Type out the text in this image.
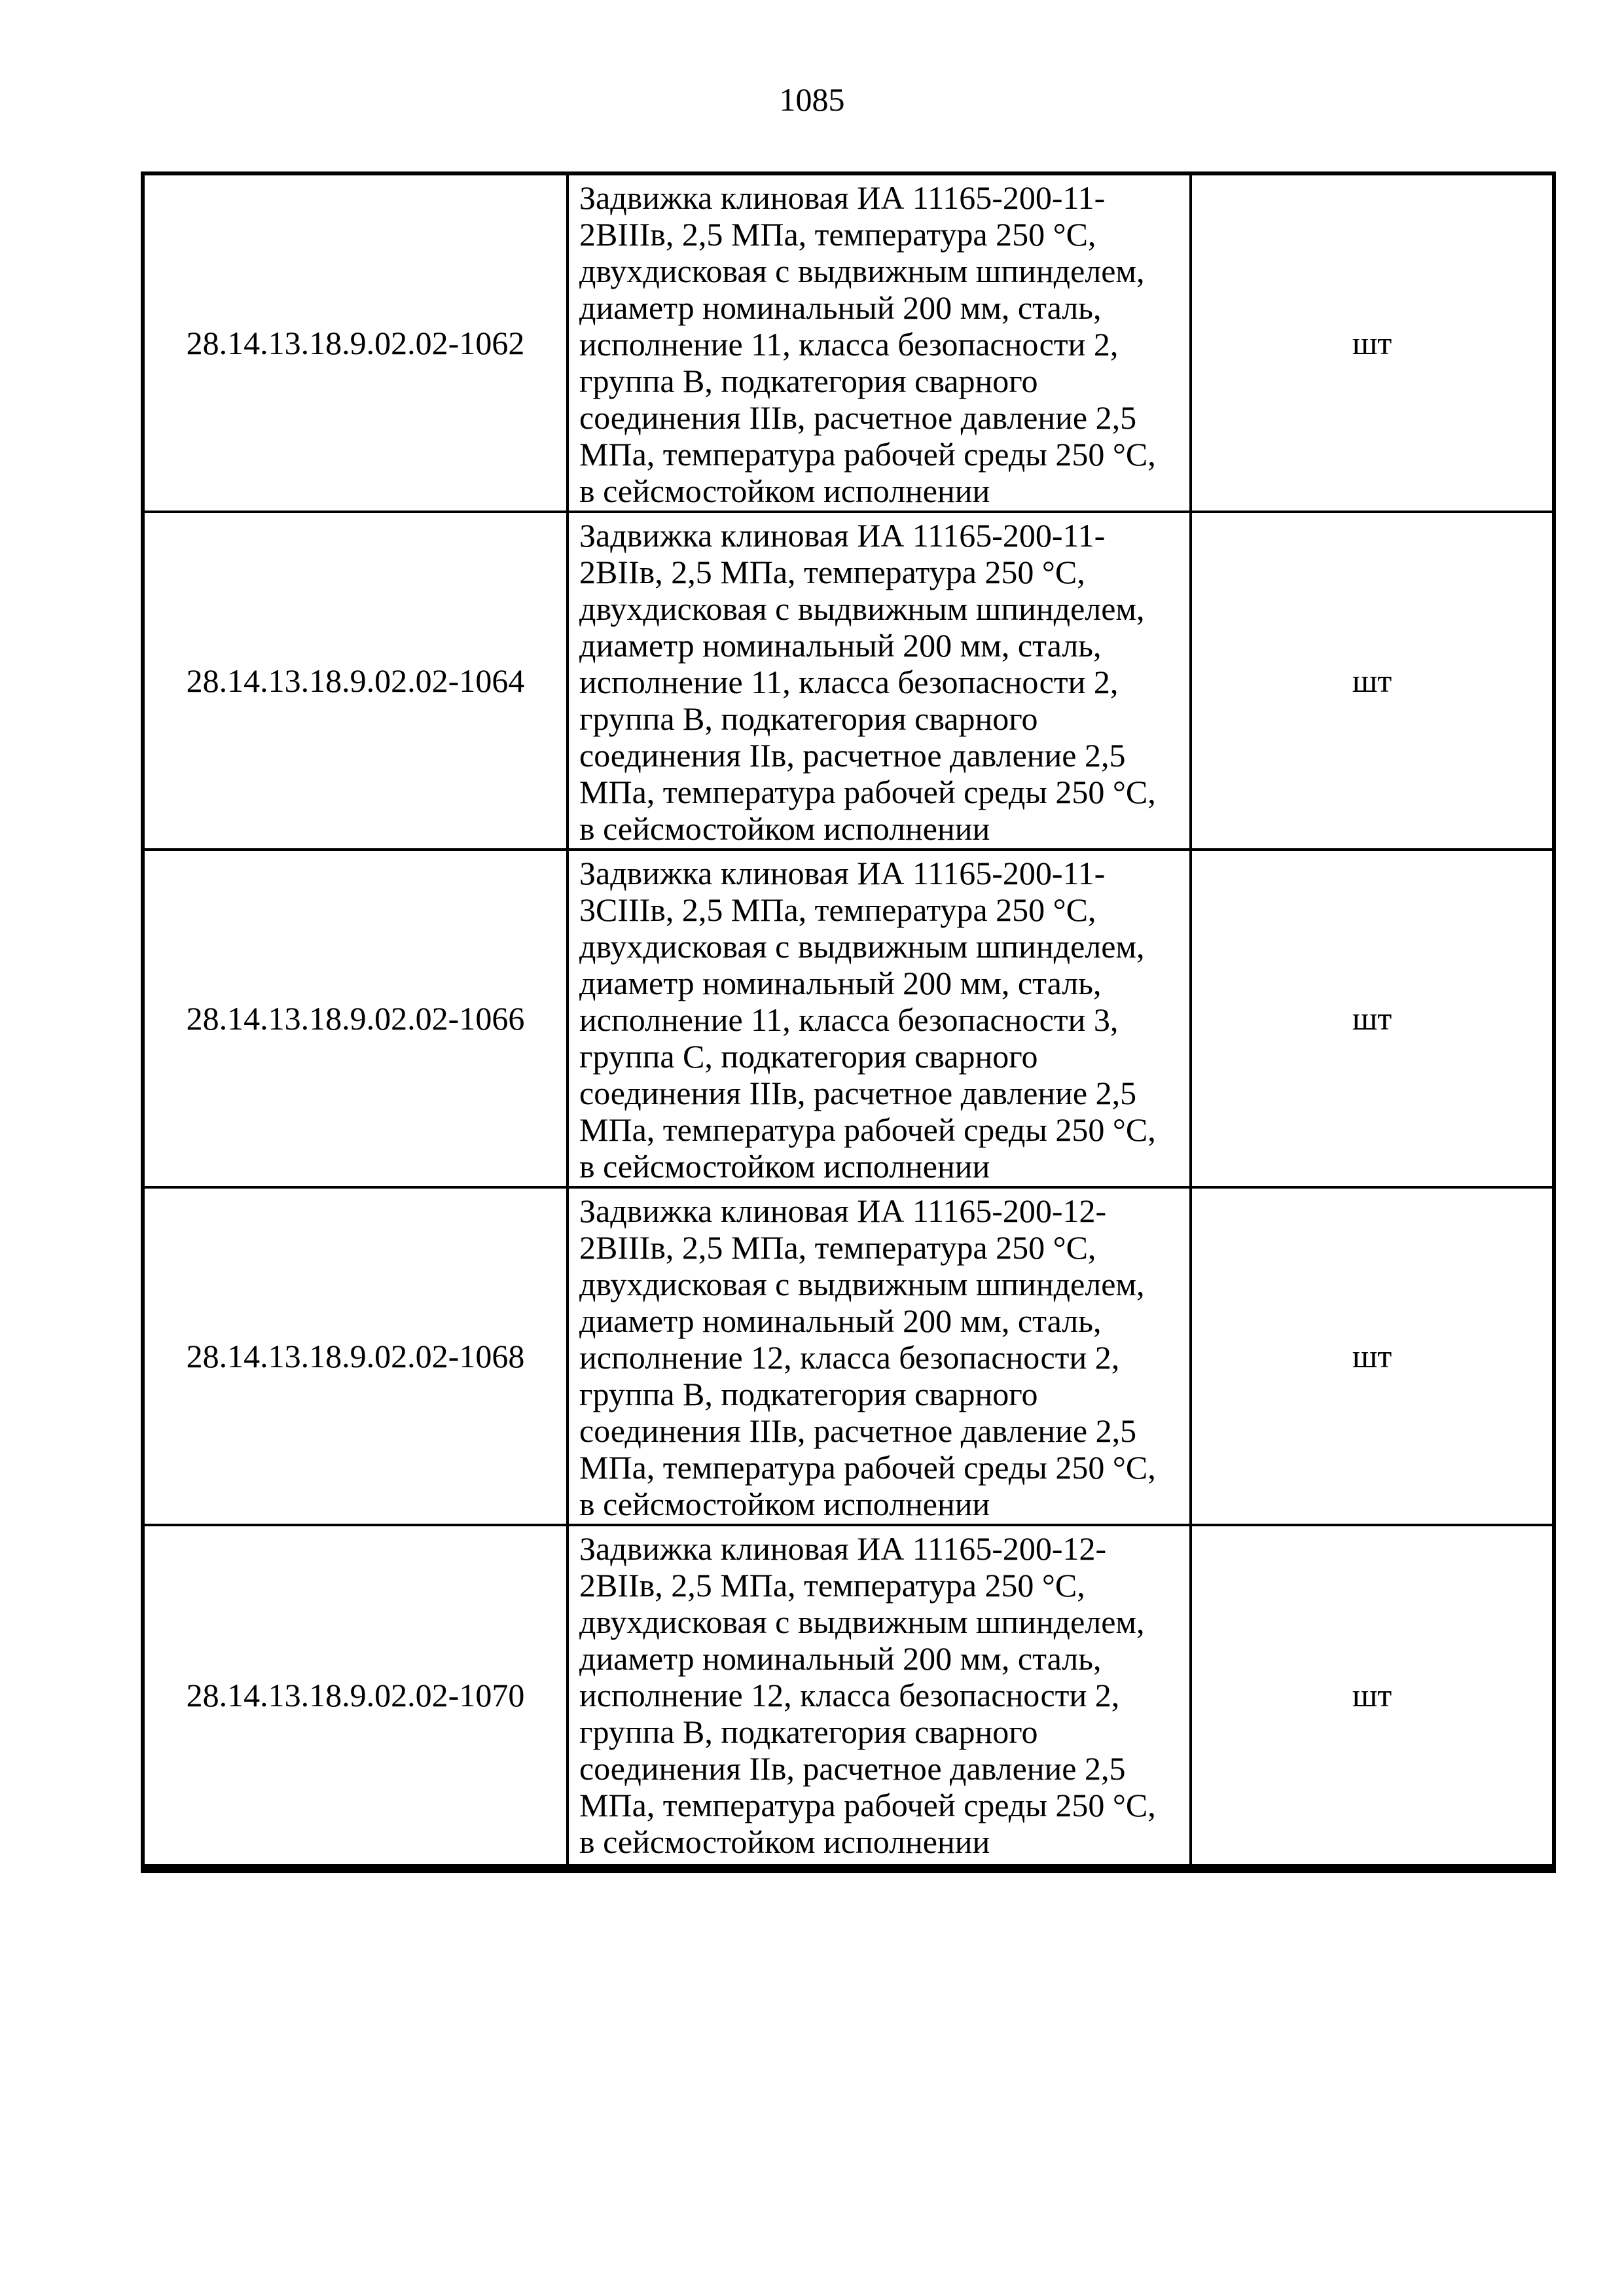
1085
28.14.13.18.9.02.02-1062
Задвижка клиновая ИА 11165-200-11-2ВIIIв, 2,5 МПа, температура 250 °С, двухдисковая с выдвижным шпинделем, диаметр номинальный 200 мм, сталь, исполнение 11, класса безопасности 2, группа В, подкатегория сварного соединения IIIв, расчетное давление 2,5 МПа, температура рабочей среды 250 °С, в сейсмостойком исполнении
шт
28.14.13.18.9.02.02-1064
Задвижка клиновая ИА 11165-200-11-2ВIIв, 2,5 МПа, температура 250 °С, двухдисковая с выдвижным шпинделем, диаметр номинальный 200 мм, сталь, исполнение 11, класса безопасности 2, группа В, подкатегория сварного соединения IIв, расчетное давление 2,5 МПа, температура рабочей среды 250 °С, в сейсмостойком исполнении
шт
28.14.13.18.9.02.02-1066
Задвижка клиновая ИА 11165-200-11-3СIIIв, 2,5 МПа, температура 250 °С, двухдисковая с выдвижным шпинделем, диаметр номинальный 200 мм, сталь, исполнение 11, класса безопасности 3, группа С, подкатегория сварного соединения IIIв, расчетное давление 2,5 МПа, температура рабочей среды 250 °С, в сейсмостойком исполнении
шт
28.14.13.18.9.02.02-1068
Задвижка клиновая ИА 11165-200-12-2ВIIIв, 2,5 МПа, температура 250 °С, двухдисковая с выдвижным шпинделем, диаметр номинальный 200 мм, сталь, исполнение 12, класса безопасности 2, группа В, подкатегория сварного соединения IIIв, расчетное давление 2,5 МПа, температура рабочей среды 250 °С, в сейсмостойком исполнении
шт
28.14.13.18.9.02.02-1070
Задвижка клиновая ИА 11165-200-12-2ВIIв, 2,5 МПа, температура 250 °С, двухдисковая с выдвижным шпинделем, диаметр номинальный 200 мм, сталь, исполнение 12, класса безопасности 2, группа В, подкатегория сварного соединения IIв, расчетное давление 2,5 МПа, температура рабочей среды 250 °С, в сейсмостойком исполнении
шт
